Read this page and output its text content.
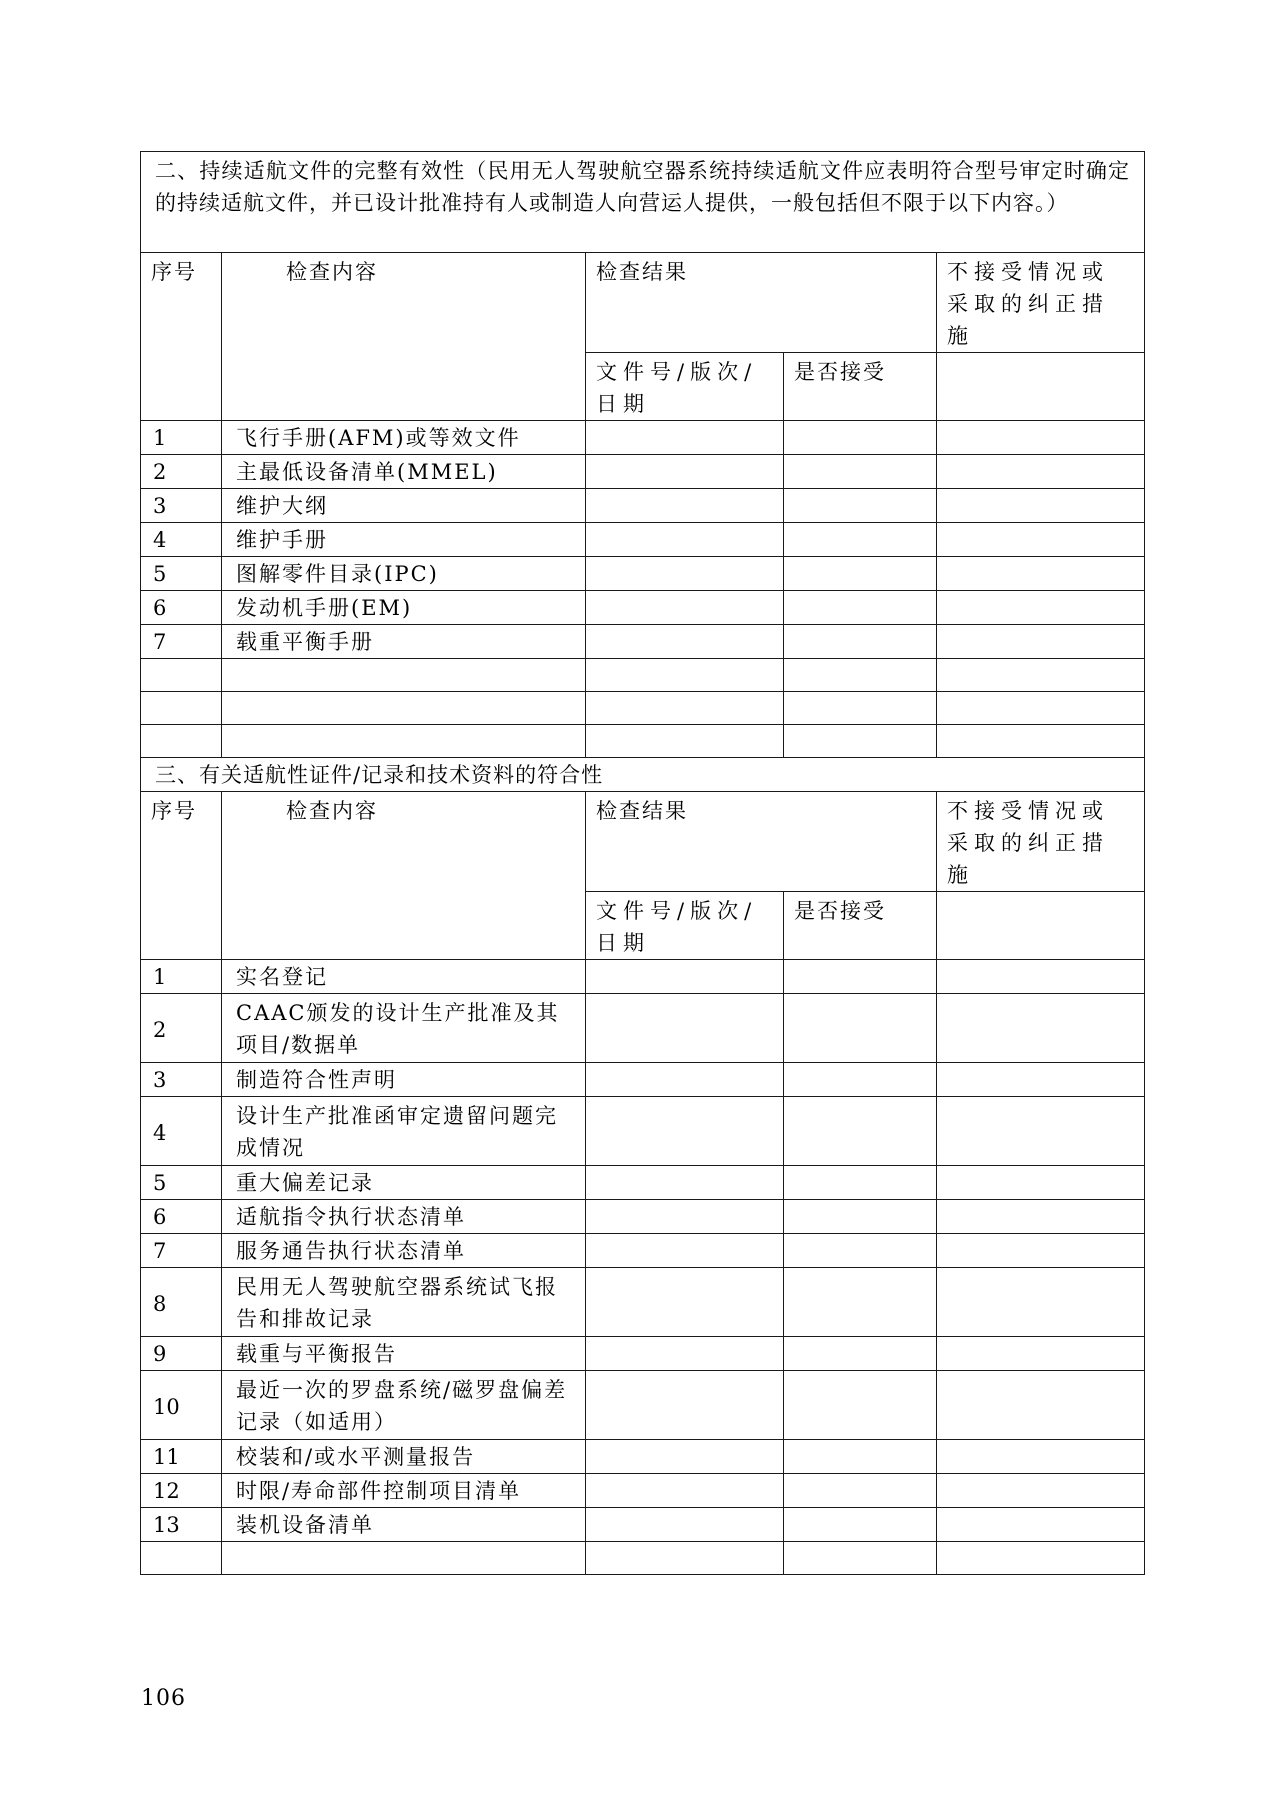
二、持续适航文件的完整有效性（民用无人驾驶航空器系统持续适航文件应表明符合型号审定时确定的持续适航文件，并已设计批准持有人或制造人向营运人提供，一般包括但不限于以下内容。）				
序号	检查内容	检查结果		不接受情况或采取的纠正措施
		文件号/版次/日期	是否接受	
1	飞行手册(AFM)或等效文件			
2	主最低设备清单(MMEL)			
3	维护大纲			
4	维护手册			
5	图解零件目录(IPC)			
6	发动机手册(EM)			
7	载重平衡手册			

三、有关适航性证件/记录和技术资料的符合性				
序号	检查内容	检查结果		不接受情况或采取的纠正措施
		文件号/版次/日期	是否接受	
1	实名登记			
2	CAAC颁发的设计生产批准及其项目/数据单			
3	制造符合性声明			
4	设计生产批准函审定遗留问题完成情况			
5	重大偏差记录			
6	适航指令执行状态清单			
7	服务通告执行状态清单			
8	民用无人驾驶航空器系统试飞报告和排故记录			
9	载重与平衡报告			
10	最近一次的罗盘系统/磁罗盘偏差记录（如适用）			
11	校装和/或水平测量报告			
12	时限/寿命部件控制项目清单			
13	装机设备清单			

106
